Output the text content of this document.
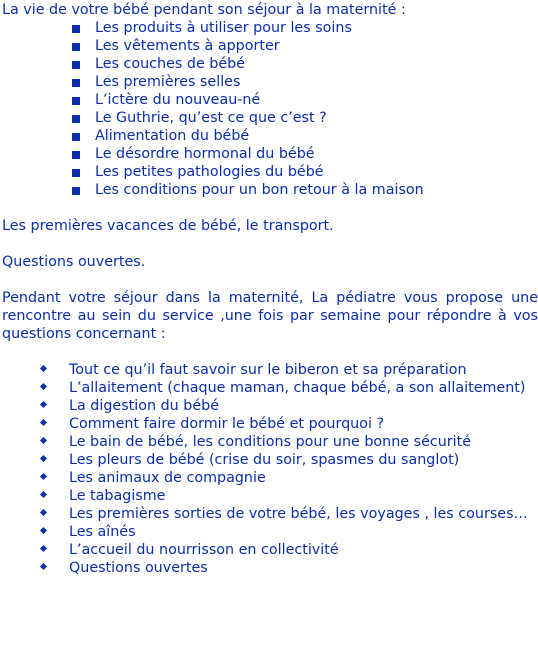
La vie de votre bébé pendant son séjour à la maternité :

Les produits à utiliser pour les soins
Les vêtements à apporter
Les couches de bébé
Les premières selles
L’ictère du nouveau-né
Le Guthrie, qu’est ce que c’est ?
Alimentation du bébé
Le désordre hormonal du bébé
Les petites pathologies du bébé
Les conditions pour un bon retour à la maison

Les premières vacances de bébé, le transport.

Questions ouvertes.

Pendant votre séjour dans la maternité, La pédiatre vous propose une rencontre au sein du service ,une fois par semaine pour répondre à vos questions concernant :

Tout ce qu’il faut savoir sur le biberon et sa préparation
L’allaitement (chaque maman, chaque bébé, a son allaitement)
La digestion du bébé
Comment faire dormir le bébé et pourquoi ?
Le bain de bébé, les conditions pour une bonne sécurité
Les pleurs de bébé (crise du soir, spasmes du sanglot)
Les animaux de compagnie
Le tabagisme
Les premières sorties de votre bébé, les voyages , les courses…
Les aînés
L’accueil du nourrisson en collectivité
Questions ouvertes
